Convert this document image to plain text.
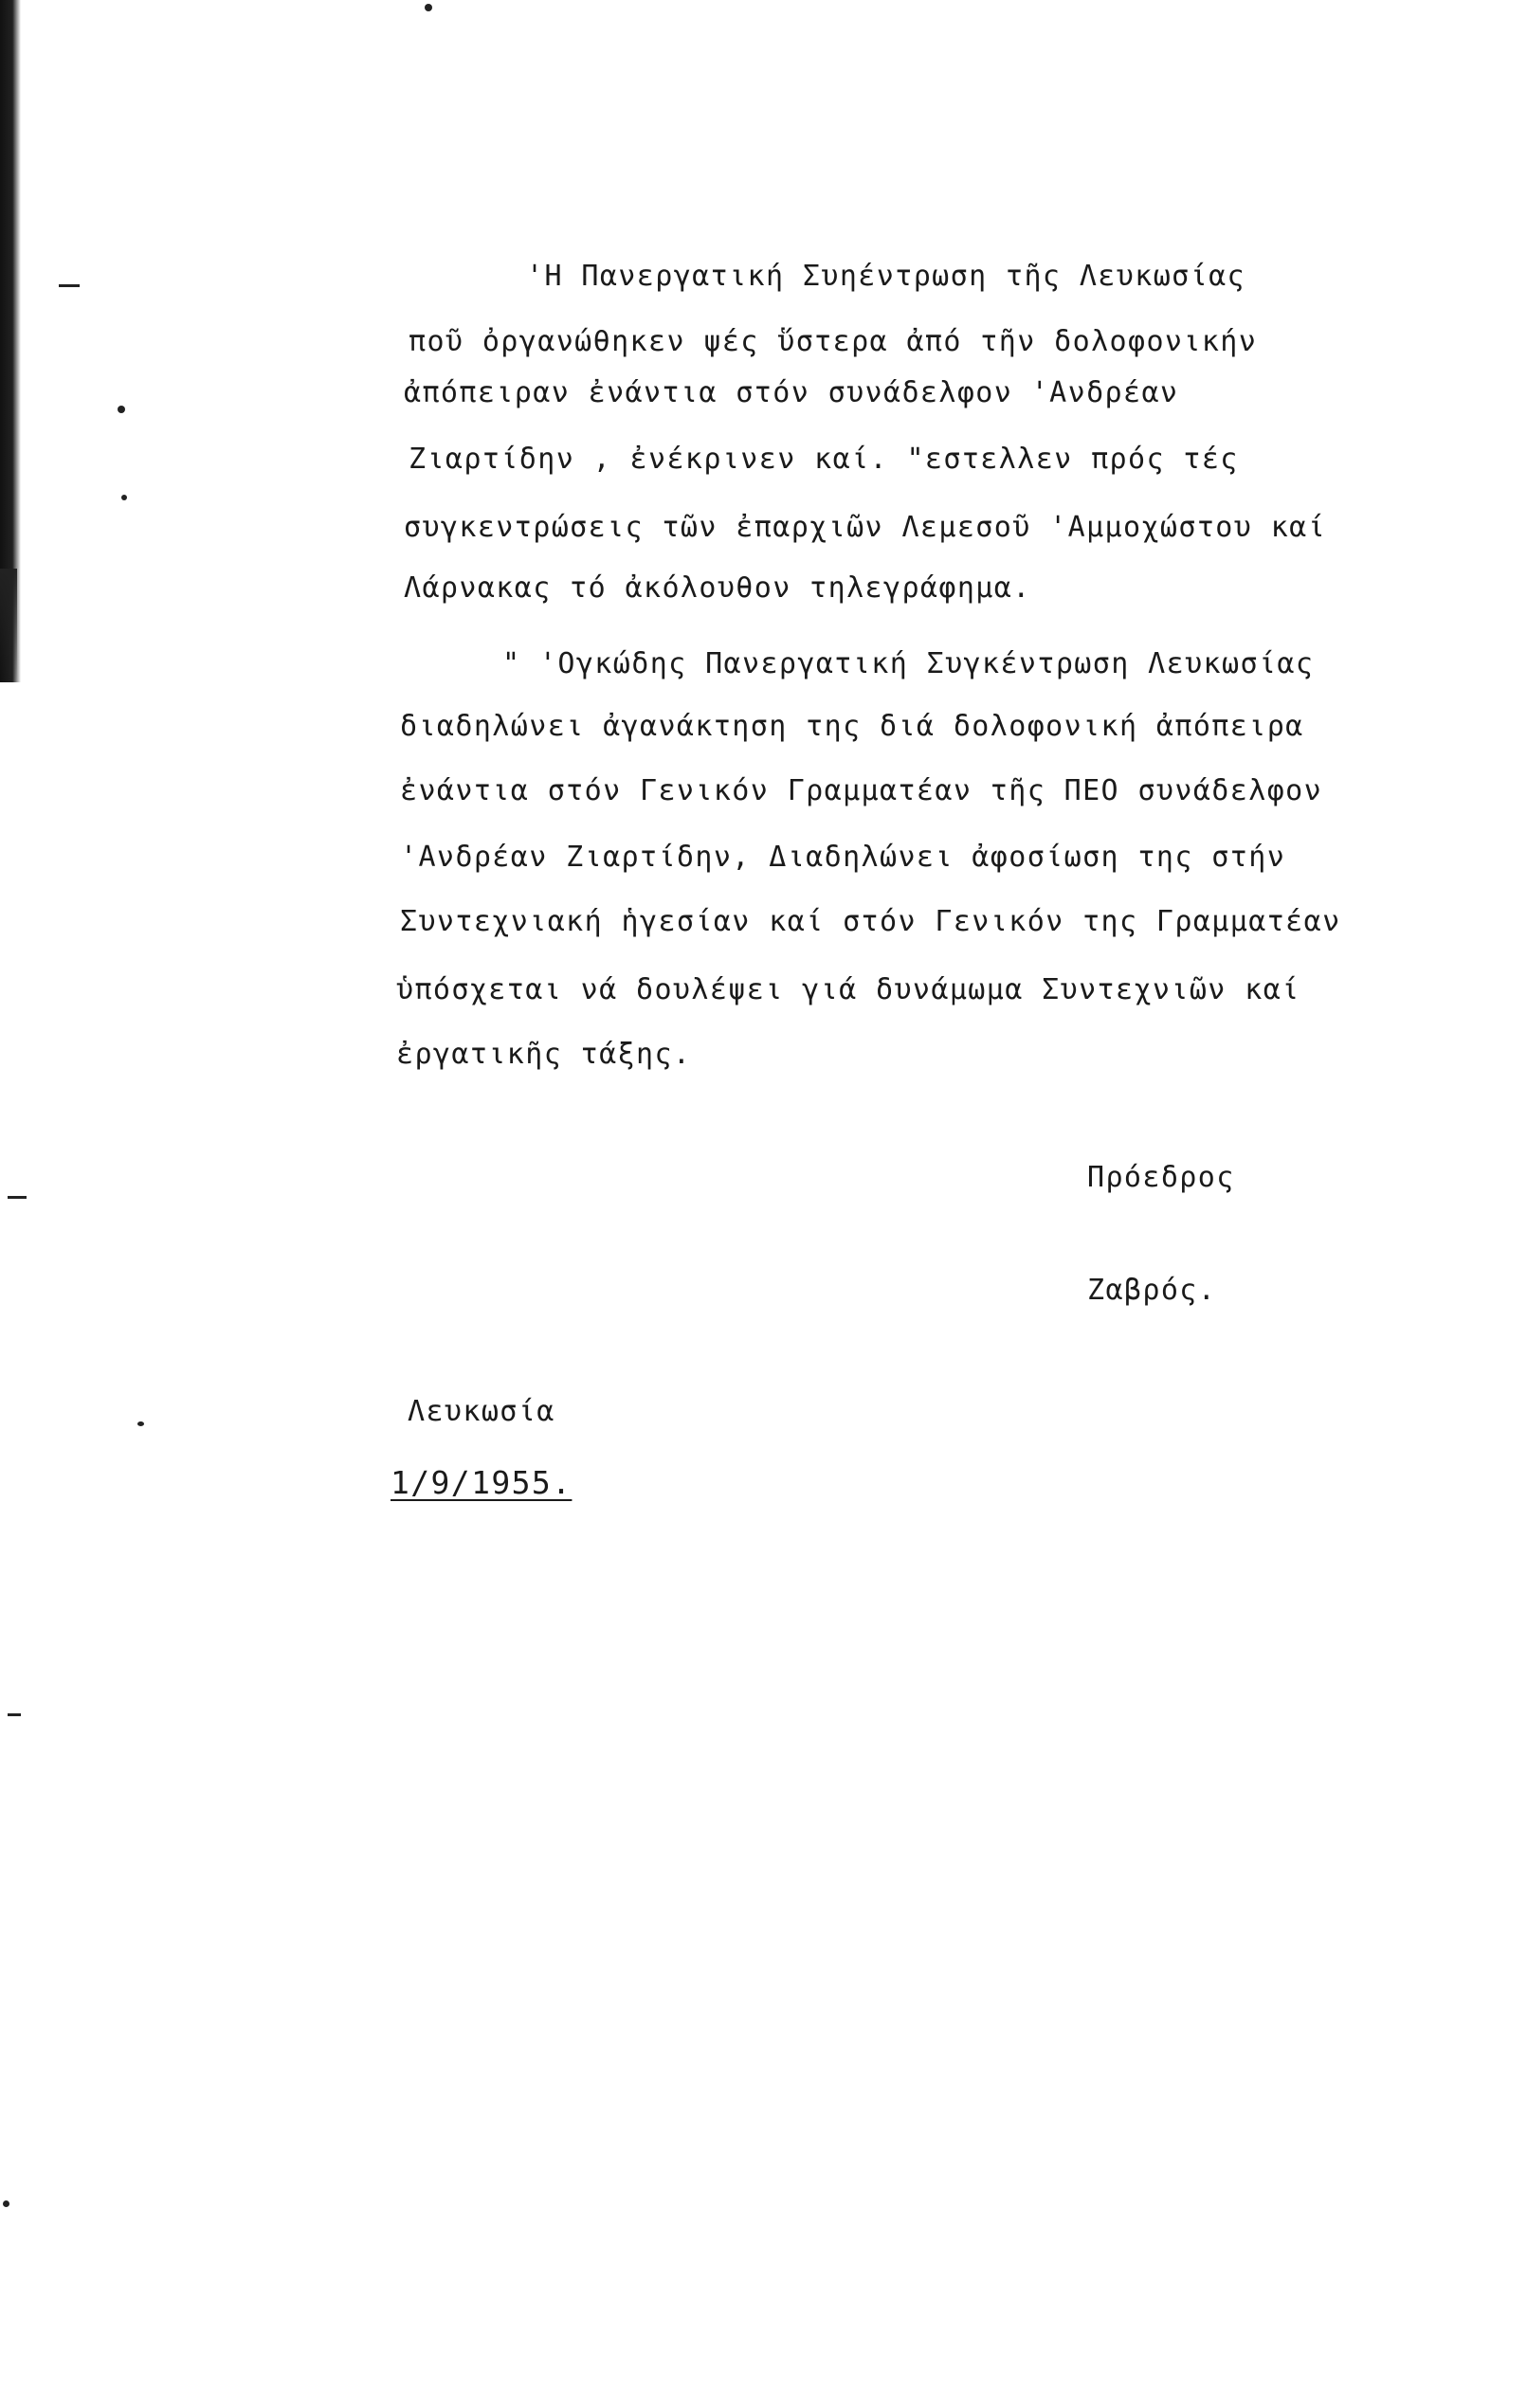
'Η Πανεργατική Συηέντρωση τῆς Λευκωσίας
ποῦ ὀργανώθηκεν ψές ὕστερα ἀπό τῆν δολοφονικήν
ἀπόπειραν ἐνάντια στόν συνάδελφον 'Ανδρέαν
Ζιαρτίδην , ἐνέκρινεν καί. "εστελλεν πρός τές
συγκεντρώσεις τῶν ἐπαρχιῶν Λεμεσοῦ 'Αμμοχώστου καί
Λάρνακας τό ἀκόλουθον τηλεγράφημα.
" 'Ογκώδης Πανεργατική Συγκέντρωση Λευκωσίας
διαδηλώνει ἀγανάκτηση της διά δολοφονική ἀπόπειρα
ἐνάντια στόν Γενικόν Γραμματέαν τῆς ΠΕΟ συνάδελφον
'Ανδρέαν Ζιαρτίδην, Διαδηλώνει ἀφοσίωση της στήν
Συντεχνιακή ἡγεσίαν καί στόν Γενικόν της Γραμματέαν
ὑπόσχεται νά δουλέψει γιά δυνάμωμα Συντεχνιῶν καί
ἐργατικῆς τάξης.
Πρόεδρος
Ζαβρός.
Λευκωσία
1/9/1955.
